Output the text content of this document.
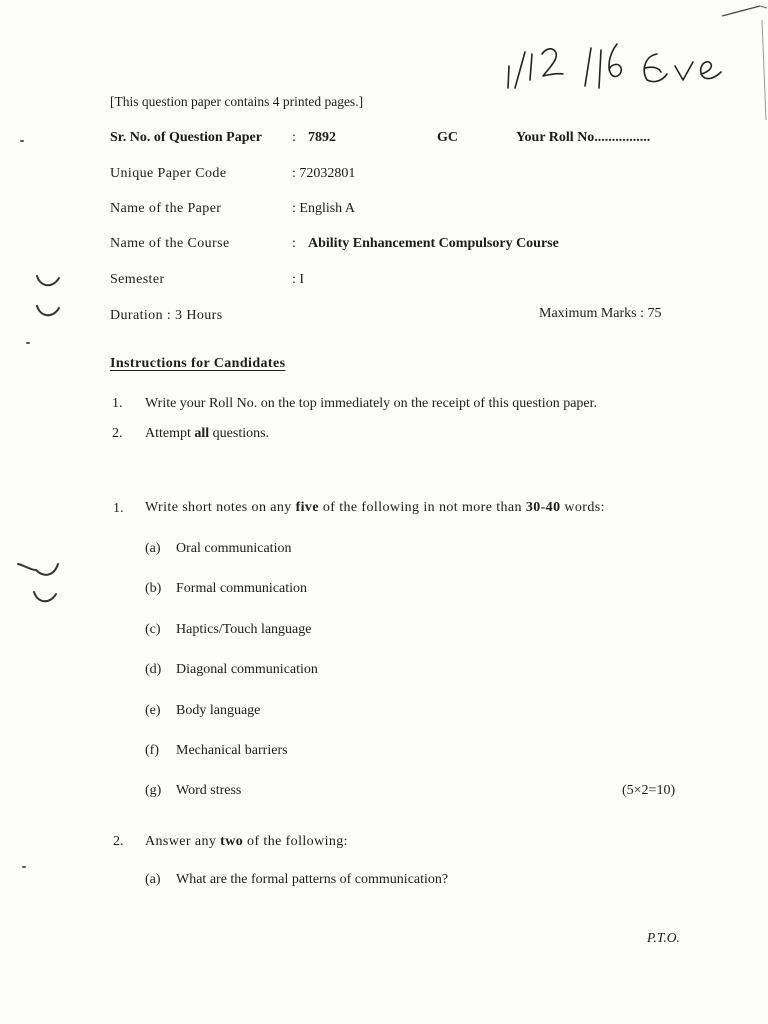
[This question paper contains 4 printed pages.]
Sr. No. of Question Paper : 7892	GC	Your Roll No................
Unique Paper Code	: 72032801
Name of the Paper	: English A
Name of the Course	: Ability Enhancement Compulsory Course
Semester	: I
Duration : 3 Hours	Maximum Marks : 75
Instructions for Candidates
1. Write your Roll No. on the top immediately on the receipt of this question paper.
2. Attempt all questions.
1. Write short notes on any five of the following in not more than 30-40 words:
(a) Oral communication
(b) Formal communication
(c) Haptics/Touch language
(d) Diagonal communication
(e) Body language
(f) Mechanical barriers
(g) Word stress	(5×2=10)
2. Answer any two of the following:
(a) What are the formal patterns of communication?
P.T.O.
